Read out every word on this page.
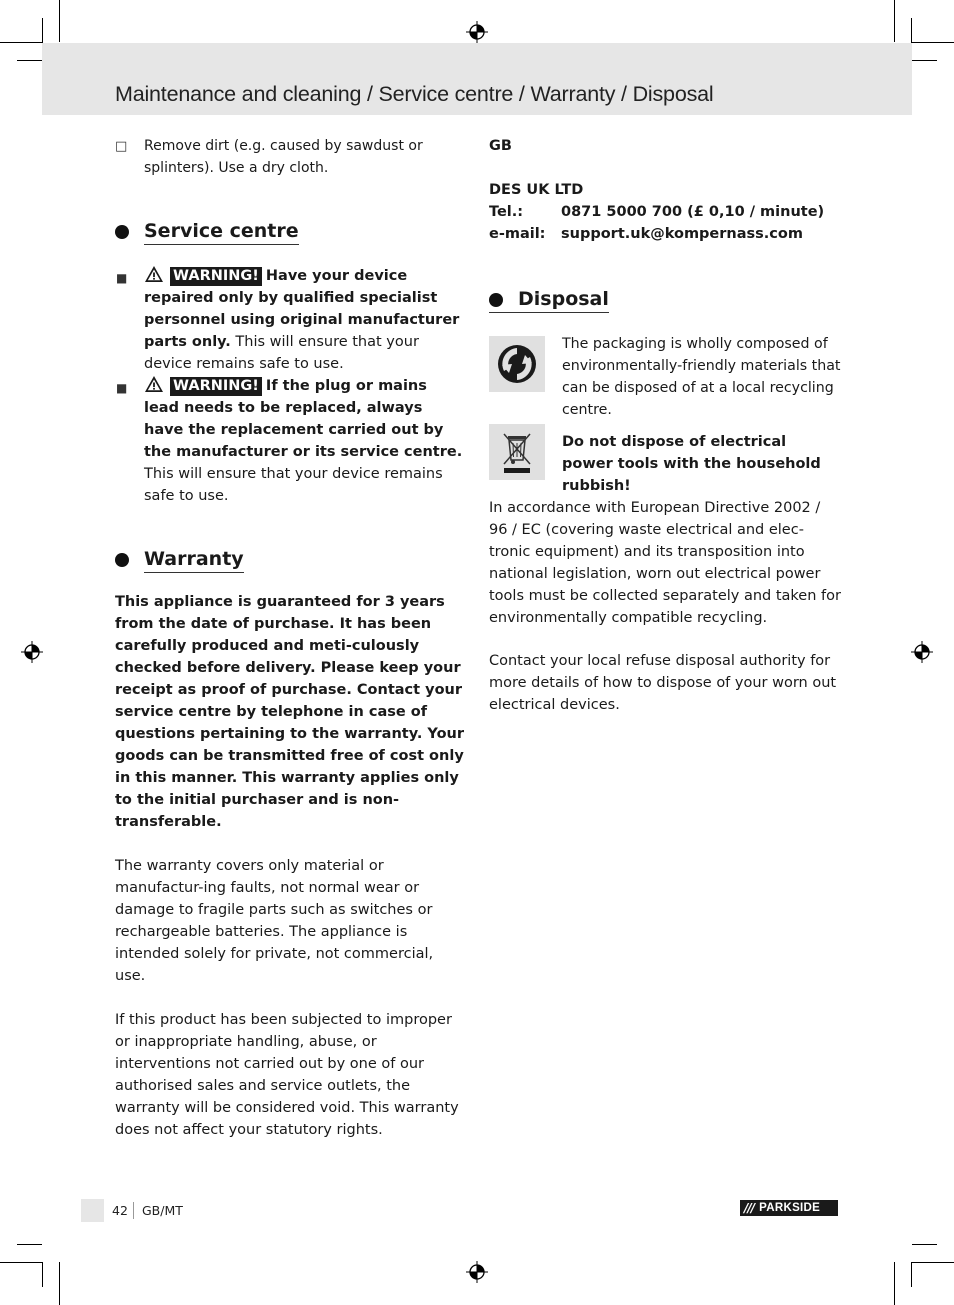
Maintenance and cleaning / Service centre / Warranty / Disposal
□ Remove dirt (e.g. caused by sawdust or splinters). Use a dry cloth.

Service centre
■	WARNING! Have your device repaired only by qualified specialist personnel using original manufacturer parts only. This will ensure that your device remains safe to use.

■	WARNING! If the plug or mains lead needs to be replaced, always have the replacement carried out by the manufacturer or its service centre. This will ensure that your device remains safe to use.

Warranty

This appliance is guaranteed for 3 years from the date of purchase. It has been carefully produced and meti-culously checked before delivery. Please keep your receipt as proof of purchase. Contact your service centre by telephone in case of questions pertaining to the warranty. Your goods can be transmitted free of cost only in this manner. This warranty applies only to the initial purchaser and is non-transferable.

The warranty covers only material or manufactur-ing faults, not normal wear or damage to fragile parts such as switches or rechargeable batteries. The appliance is intended solely for private, not commercial, use.

If this product has been subjected to improper or inappropriate handling, abuse, or interventions not carried out by one of our authorised sales and service outlets, the warranty will be considered void. This warranty does not affect your statutory rights.

GB

DES UK LTD

Tel.:	0871 5000 700 (£ 0,10 / minute)
e-mail:	support.uk@kompernass.com
Disposal

The packaging is wholly composed of environmentally-friendly materials that can be disposed of at a local recycling centre.

Do not dispose of electrical power tools with the household rubbish!

In accordance with European Directive 2002 / 96 / EC (covering waste electrical and elec-tronic equipment) and its transposition into national legislation, worn out electrical power tools must be collected separately and taken for environmentally compatible recycling.

Contact your local refuse disposal authority for more details of how to dispose of your worn out electrical devices.

42 GB/MT	/// PARKSIDE
